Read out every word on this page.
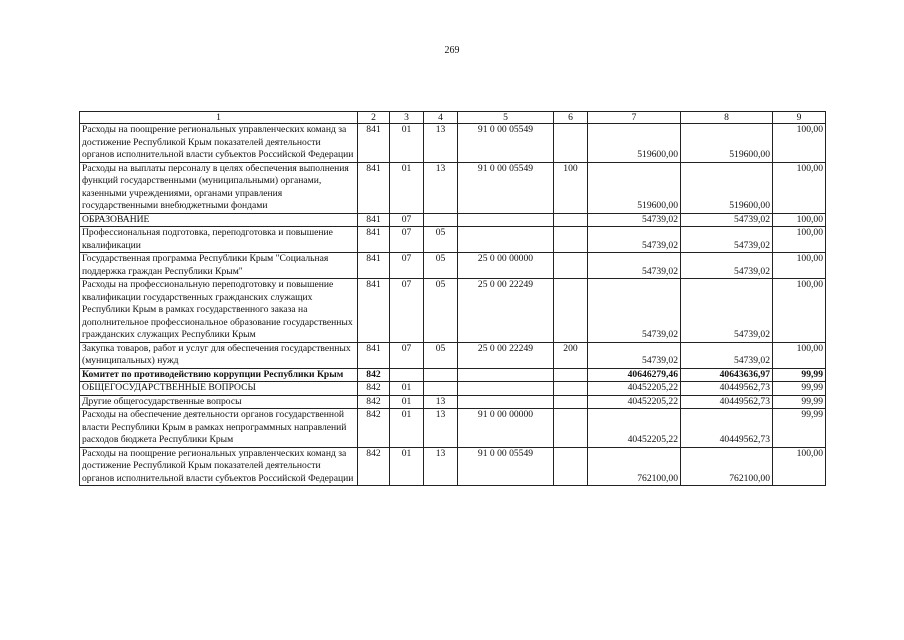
269
1	2	3	4	5	6	7	8	9
Расходы на поощрение региональных управленческих команд за достижение Республикой Крым показателей деятельности органов исполнительной власти субъектов Российской Федерации	841	01	13	91 0 00 05549		519600,00	519600,00	100,00
Расходы на выплаты персоналу в целях обеспечения выполнения функций государственными (муниципальными) органами, казенными учреждениями, органами управления государственными внебюджетными фондами	841	01	13	91 0 00 05549	100	519600,00	519600,00	100,00
ОБРАЗОВАНИЕ	841	07				54739,02	54739,02	100,00
Профессиональная подготовка, переподготовка и повышение квалификации	841	07	05			54739,02	54739,02	100,00
Государственная программа Республики Крым "Социальная поддержка граждан Республики Крым"	841	07	05	25 0 00 00000		54739,02	54739,02	100,00
Расходы на профессиональную переподготовку и повышение квалификации государственных гражданских служащих Республики Крым в рамках государственного заказа на дополнительное профессиональное образование государственных гражданских служащих Республики Крым	841	07	05	25 0 00 22249		54739,02	54739,02	100,00
Закупка товаров, работ и услуг для обеспечения государственных (муниципальных) нужд	841	07	05	25 0 00 22249	200	54739,02	54739,02	100,00
Комитет по противодействию коррупции Республики Крым	842					40646279,46	40643636,97	99,99
ОБЩЕГОСУДАРСТВЕННЫЕ ВОПРОСЫ	842	01				40452205,22	40449562,73	99,99
Другие общегосударственные вопросы	842	01	13			40452205,22	40449562,73	99,99
Расходы на обеспечение деятельности органов государственной власти Республики Крым в рамках непрограммных направлений расходов бюджета Республики Крым	842	01	13	91 0 00 00000		40452205,22	40449562,73	99,99
Расходы на поощрение региональных управленческих команд за достижение Республикой Крым показателей деятельности органов исполнительной власти субъектов Российской Федерации	842	01	13	91 0 00 05549		762100,00	762100,00	100,00
